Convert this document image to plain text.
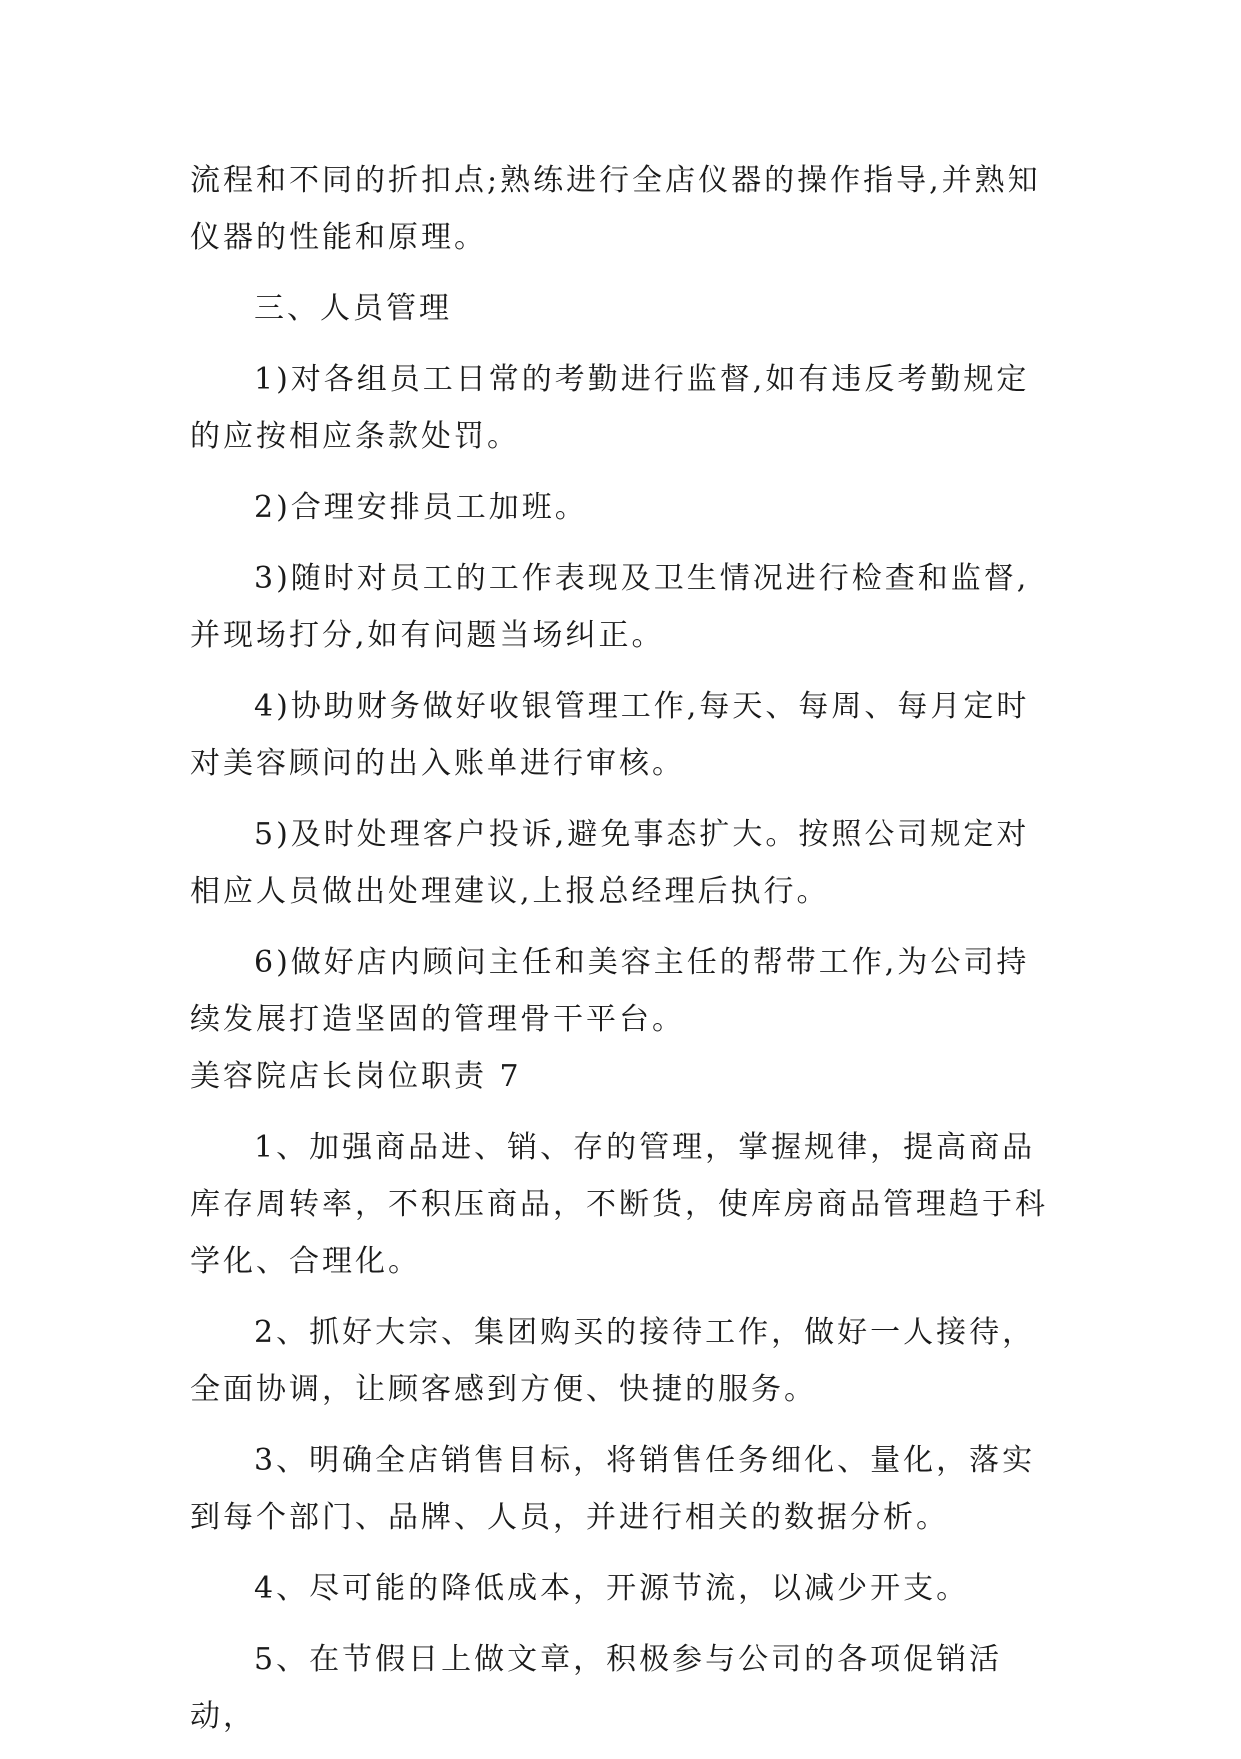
流程和不同的折扣点;熟练进行全店仪器的操作指导,并熟知仪器的性能和原理。

三、人员管理

1)对各组员工日常的考勤进行监督,如有违反考勤规定的应按相应条款处罚。

2)合理安排员工加班。

3)随时对员工的工作表现及卫生情况进行检查和监督,并现场打分,如有问题当场纠正。

4)协助财务做好收银管理工作,每天、每周、每月定时对美容顾问的出入账单进行审核。

5)及时处理客户投诉,避免事态扩大。按照公司规定对相应人员做出处理建议,上报总经理后执行。

6)做好店内顾问主任和美容主任的帮带工作,为公司持续发展打造坚固的管理骨干平台。

美容院店长岗位职责 7

1、加强商品进、销、存的管理，掌握规律，提高商品库存周转率，不积压商品，不断货，使库房商品管理趋于科学化、合理化。

2、抓好大宗、集团购买的接待工作，做好一人接待，全面协调，让顾客感到方便、快捷的服务。

3、明确全店销售目标，将销售任务细化、量化，落实到每个部门、品牌、人员，并进行相关的数据分析。

4、尽可能的降低成本，开源节流，以减少开支。

5、在节假日上做文章，积极参与公司的各项促销活动，
